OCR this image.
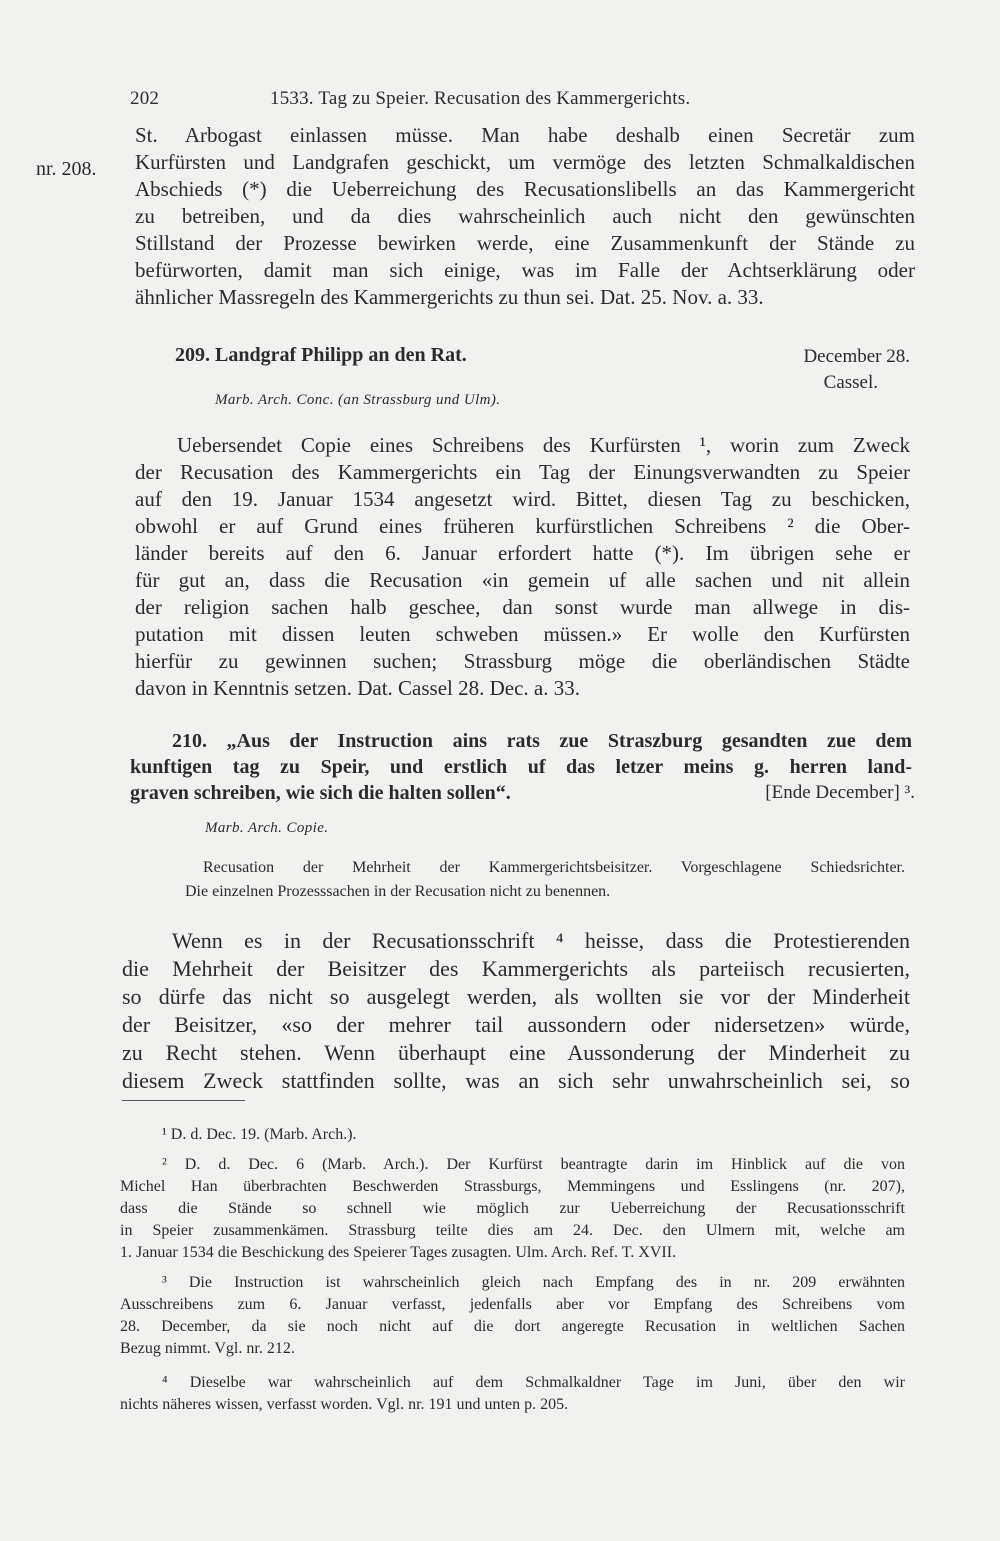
202	1533. Tag zu Speier. Recusation des Kammergerichts.
nr. 208.
St. Arbogast einlassen müsse. Man habe deshalb einen Secretär zum
Kurfürsten und Landgrafen geschickt, um vermöge des letzten Schmalkaldischen
Abschieds (*) die Ueberreichung des Recusationslibells an das Kammergericht
zu betreiben, und da dies wahrscheinlich auch nicht den gewünschten
Stillstand der Prozesse bewirken werde, eine Zusammenkunft der Stände zu
befürworten, damit man sich einige, was im Falle der Achtserklärung oder
ähnlicher Massregeln des Kammergerichts zu thun sei. Dat. 25. Nov. a. 33.
209. Landgraf Philipp an den Rat.	December 28.
Cassel.
Marb. Arch. Conc. (an Strassburg und Ulm).
Uebersendet Copie eines Schreibens des Kurfürsten ¹, worin zum Zweck
der Recusation des Kammergerichts ein Tag der Einungsverwandten zu Speier
auf den 19. Januar 1534 angesetzt wird. Bittet, diesen Tag zu beschicken,
obwohl er auf Grund eines früheren kurfürstlichen Schreibens ² die Ober-
länder bereits auf den 6. Januar erfordert hatte (*). Im übrigen sehe er
für gut an, dass die Recusation «in gemein uf alle sachen und nit allein
der religion sachen halb geschee, dan sonst wurde man allwege in dis-
putation mit dissen leuten schweben müssen.» Er wolle den Kurfürsten
hierfür zu gewinnen suchen; Strassburg möge die oberländischen Städte
davon in Kenntnis setzen. Dat. Cassel 28. Dec. a. 33.
210. „Aus der Instruction ains rats zue Straszburg gesandten zue dem
kunftigen tag zu Speir, und erstlich uf das letzer meins g. herren land-
graven schreiben, wie sich die halten sollen“.	[Ende December] ³.
Marb. Arch. Copie.
Recusation der Mehrheit der Kammergerichtsbeisitzer. Vorgeschlagene Schiedsrichter.
Die einzelnen Prozesssachen in der Recusation nicht zu benennen.
Wenn es in der Recusationsschrift ⁴ heisse, dass die Protestierenden
die Mehrheit der Beisitzer des Kammergerichts als parteiisch recusierten,
so dürfe das nicht so ausgelegt werden, als wollten sie vor der Minderheit
der Beisitzer, «so der mehrer tail aussondern oder nidersetzen» würde,
zu Recht stehen. Wenn überhaupt eine Aussonderung der Minderheit zu
diesem Zweck stattfinden sollte, was an sich sehr unwahrscheinlich sei, so
¹ D. d. Dec. 19. (Marb. Arch.).
² D. d. Dec. 6 (Marb. Arch.). Der Kurfürst beantragte darin im Hinblick auf die von
Michel Han überbrachten Beschwerden Strassburgs, Memmingens und Esslingens (nr. 207),
dass die Stände so schnell wie möglich zur Ueberreichung der Recusationsschrift
in Speier zusammenkämen. Strassburg teilte dies am 24. Dec. den Ulmern mit, welche am
1. Januar 1534 die Beschickung des Speierer Tages zusagten. Ulm. Arch. Ref. T. XVII.
³ Die Instruction ist wahrscheinlich gleich nach Empfang des in nr. 209 erwähnten
Ausschreibens zum 6. Januar verfasst, jedenfalls aber vor Empfang des Schreibens vom
28. December, da sie noch nicht auf die dort angeregte Recusation in weltlichen Sachen
Bezug nimmt. Vgl. nr. 212.
⁴ Dieselbe war wahrscheinlich auf dem Schmalkaldner Tage im Juni, über den wir
nichts näheres wissen, verfasst worden. Vgl. nr. 191 und unten p. 205.
